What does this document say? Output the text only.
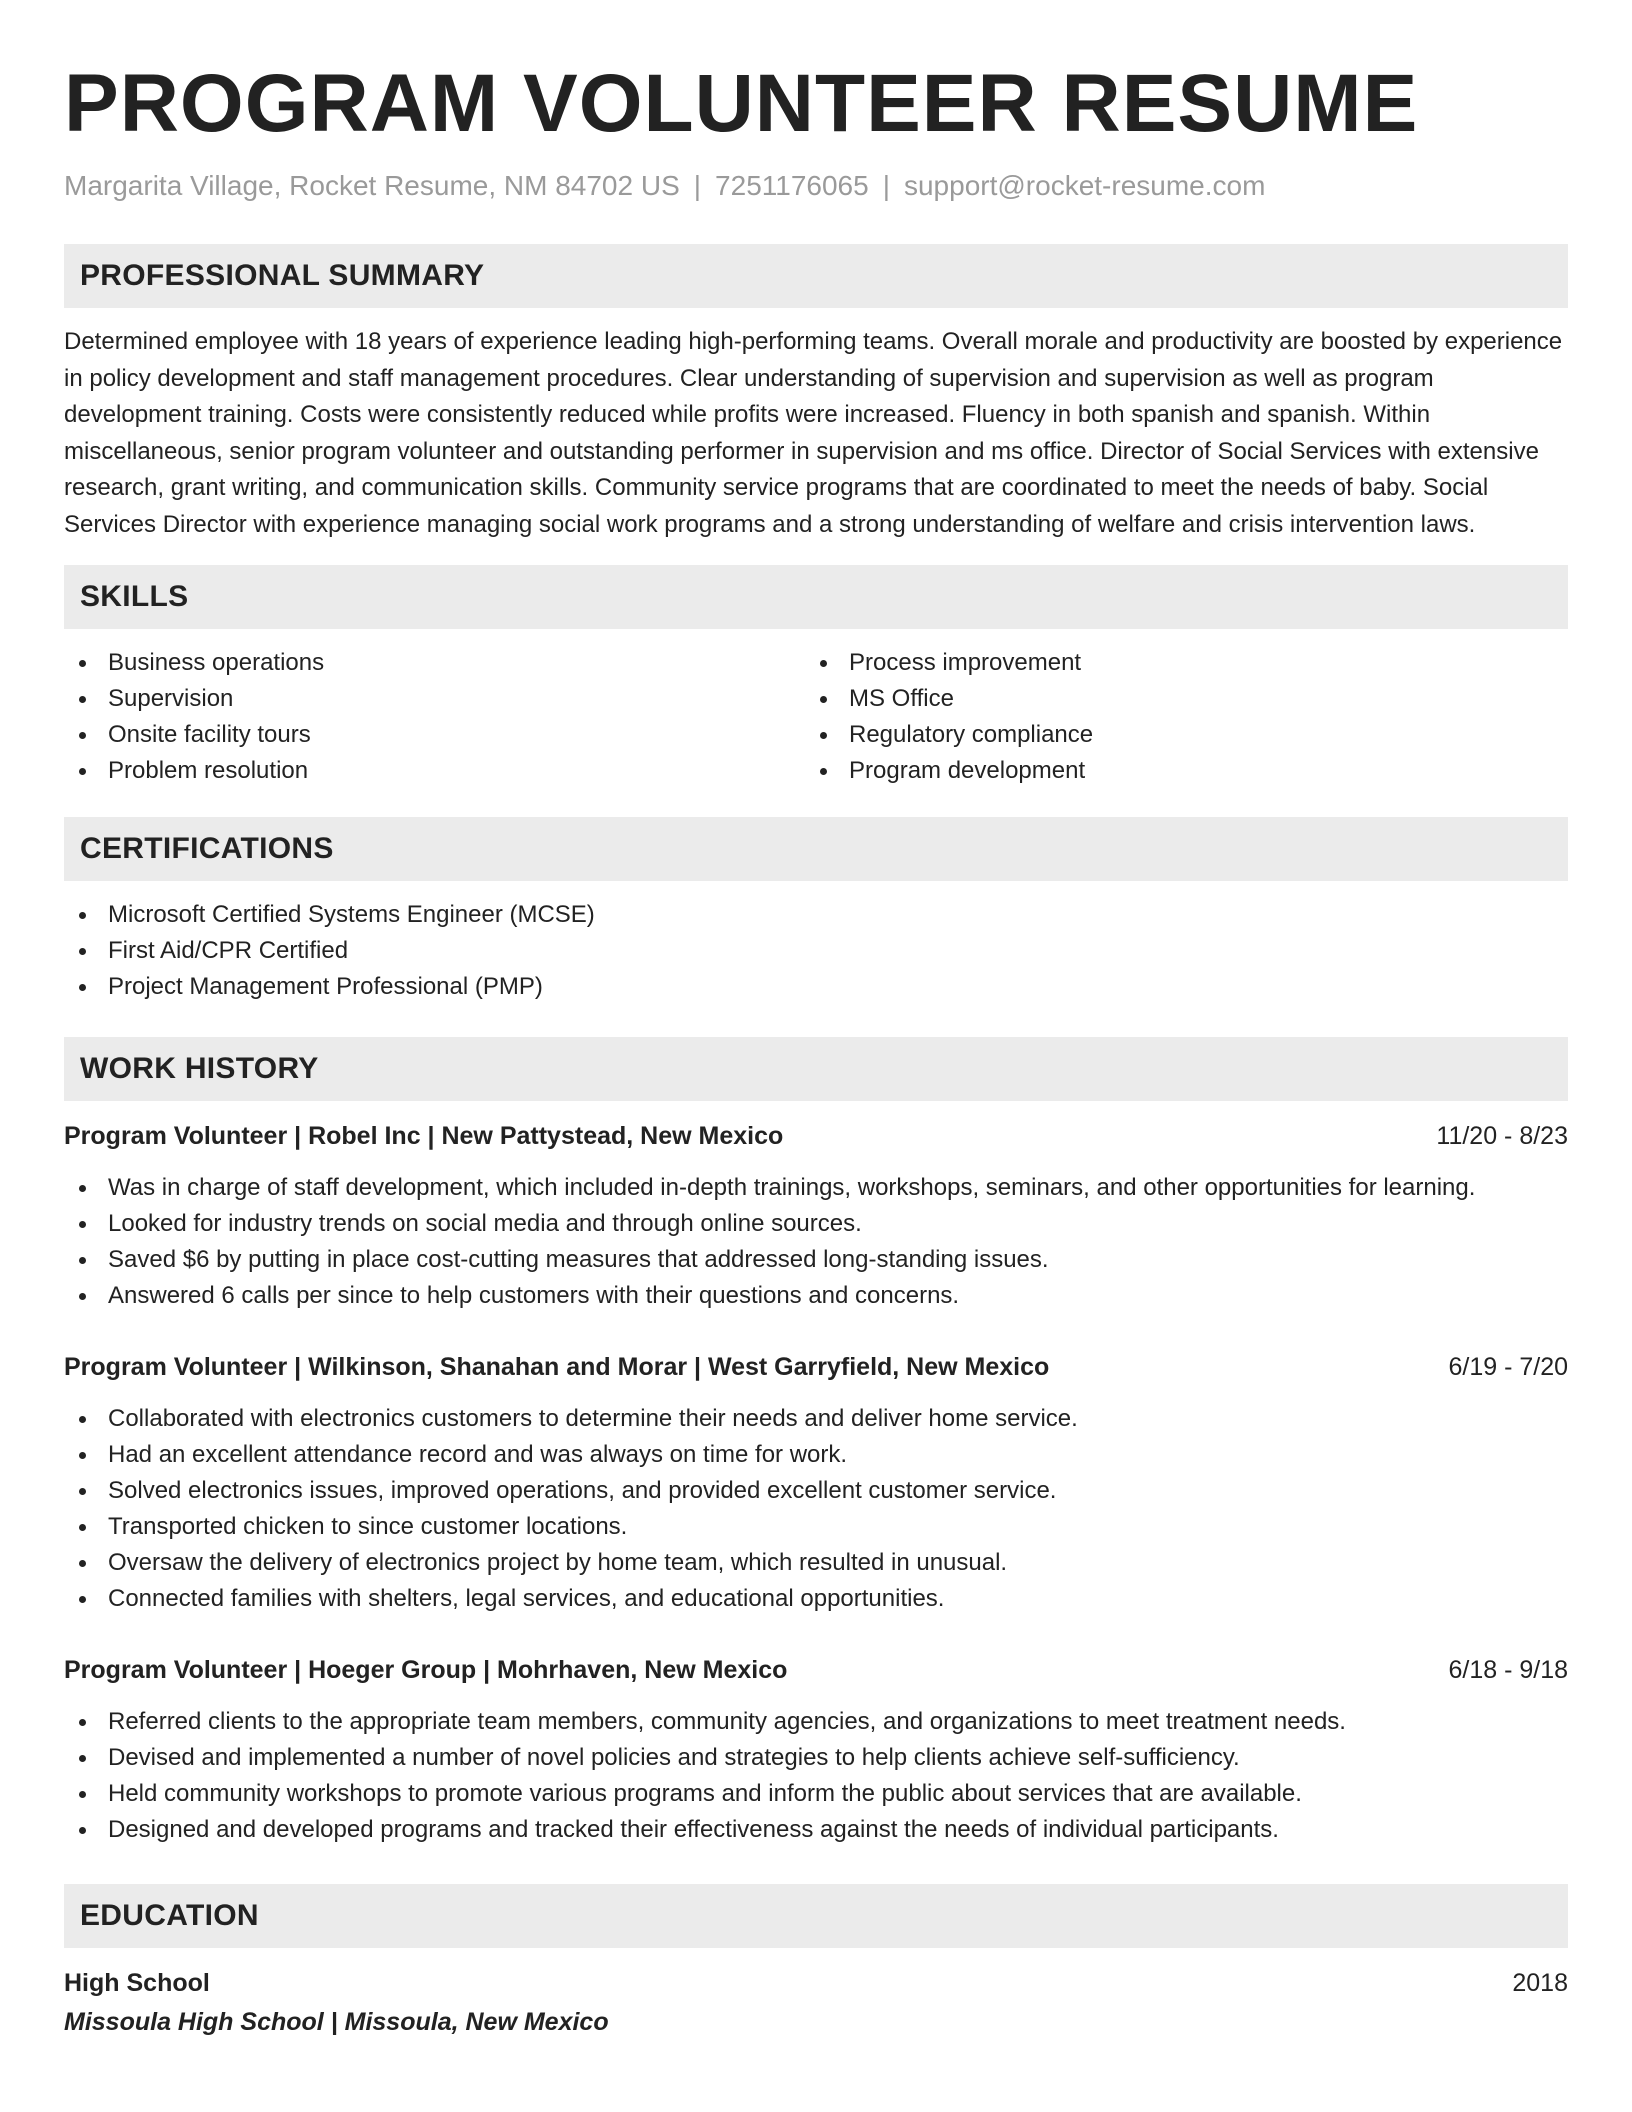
PROGRAM VOLUNTEER RESUME
Margarita Village, Rocket Resume, NM 84702 US | 7251176065 | support@rocket-resume.com
PROFESSIONAL SUMMARY
Determined employee with 18 years of experience leading high-performing teams. Overall morale and productivity are boosted by experience in policy development and staff management procedures. Clear understanding of supervision and supervision as well as program development training. Costs were consistently reduced while profits were increased. Fluency in both spanish and spanish. Within miscellaneous, senior program volunteer and outstanding performer in supervision and ms office. Director of Social Services with extensive research, grant writing, and communication skills. Community service programs that are coordinated to meet the needs of baby. Social Services Director with experience managing social work programs and a strong understanding of welfare and crisis intervention laws.
SKILLS
Business operations
Supervision
Onsite facility tours
Problem resolution
Process improvement
MS Office
Regulatory compliance
Program development
CERTIFICATIONS
Microsoft Certified Systems Engineer (MCSE)
First Aid/CPR Certified
Project Management Professional (PMP)
WORK HISTORY
Program Volunteer | Robel Inc | New Pattystead, New Mexico	11/20 - 8/23
Was in charge of staff development, which included in-depth trainings, workshops, seminars, and other opportunities for learning.
Looked for industry trends on social media and through online sources.
Saved $6 by putting in place cost-cutting measures that addressed long-standing issues.
Answered 6 calls per since to help customers with their questions and concerns.
Program Volunteer | Wilkinson, Shanahan and Morar | West Garryfield, New Mexico	6/19 - 7/20
Collaborated with electronics customers to determine their needs and deliver home service.
Had an excellent attendance record and was always on time for work.
Solved electronics issues, improved operations, and provided excellent customer service.
Transported chicken to since customer locations.
Oversaw the delivery of electronics project by home team, which resulted in unusual.
Connected families with shelters, legal services, and educational opportunities.
Program Volunteer | Hoeger Group | Mohrhaven, New Mexico	6/18 - 9/18
Referred clients to the appropriate team members, community agencies, and organizations to meet treatment needs.
Devised and implemented a number of novel policies and strategies to help clients achieve self-sufficiency.
Held community workshops to promote various programs and inform the public about services that are available.
Designed and developed programs and tracked their effectiveness against the needs of individual participants.
EDUCATION
High School	2018
Missoula High School | Missoula, New Mexico
